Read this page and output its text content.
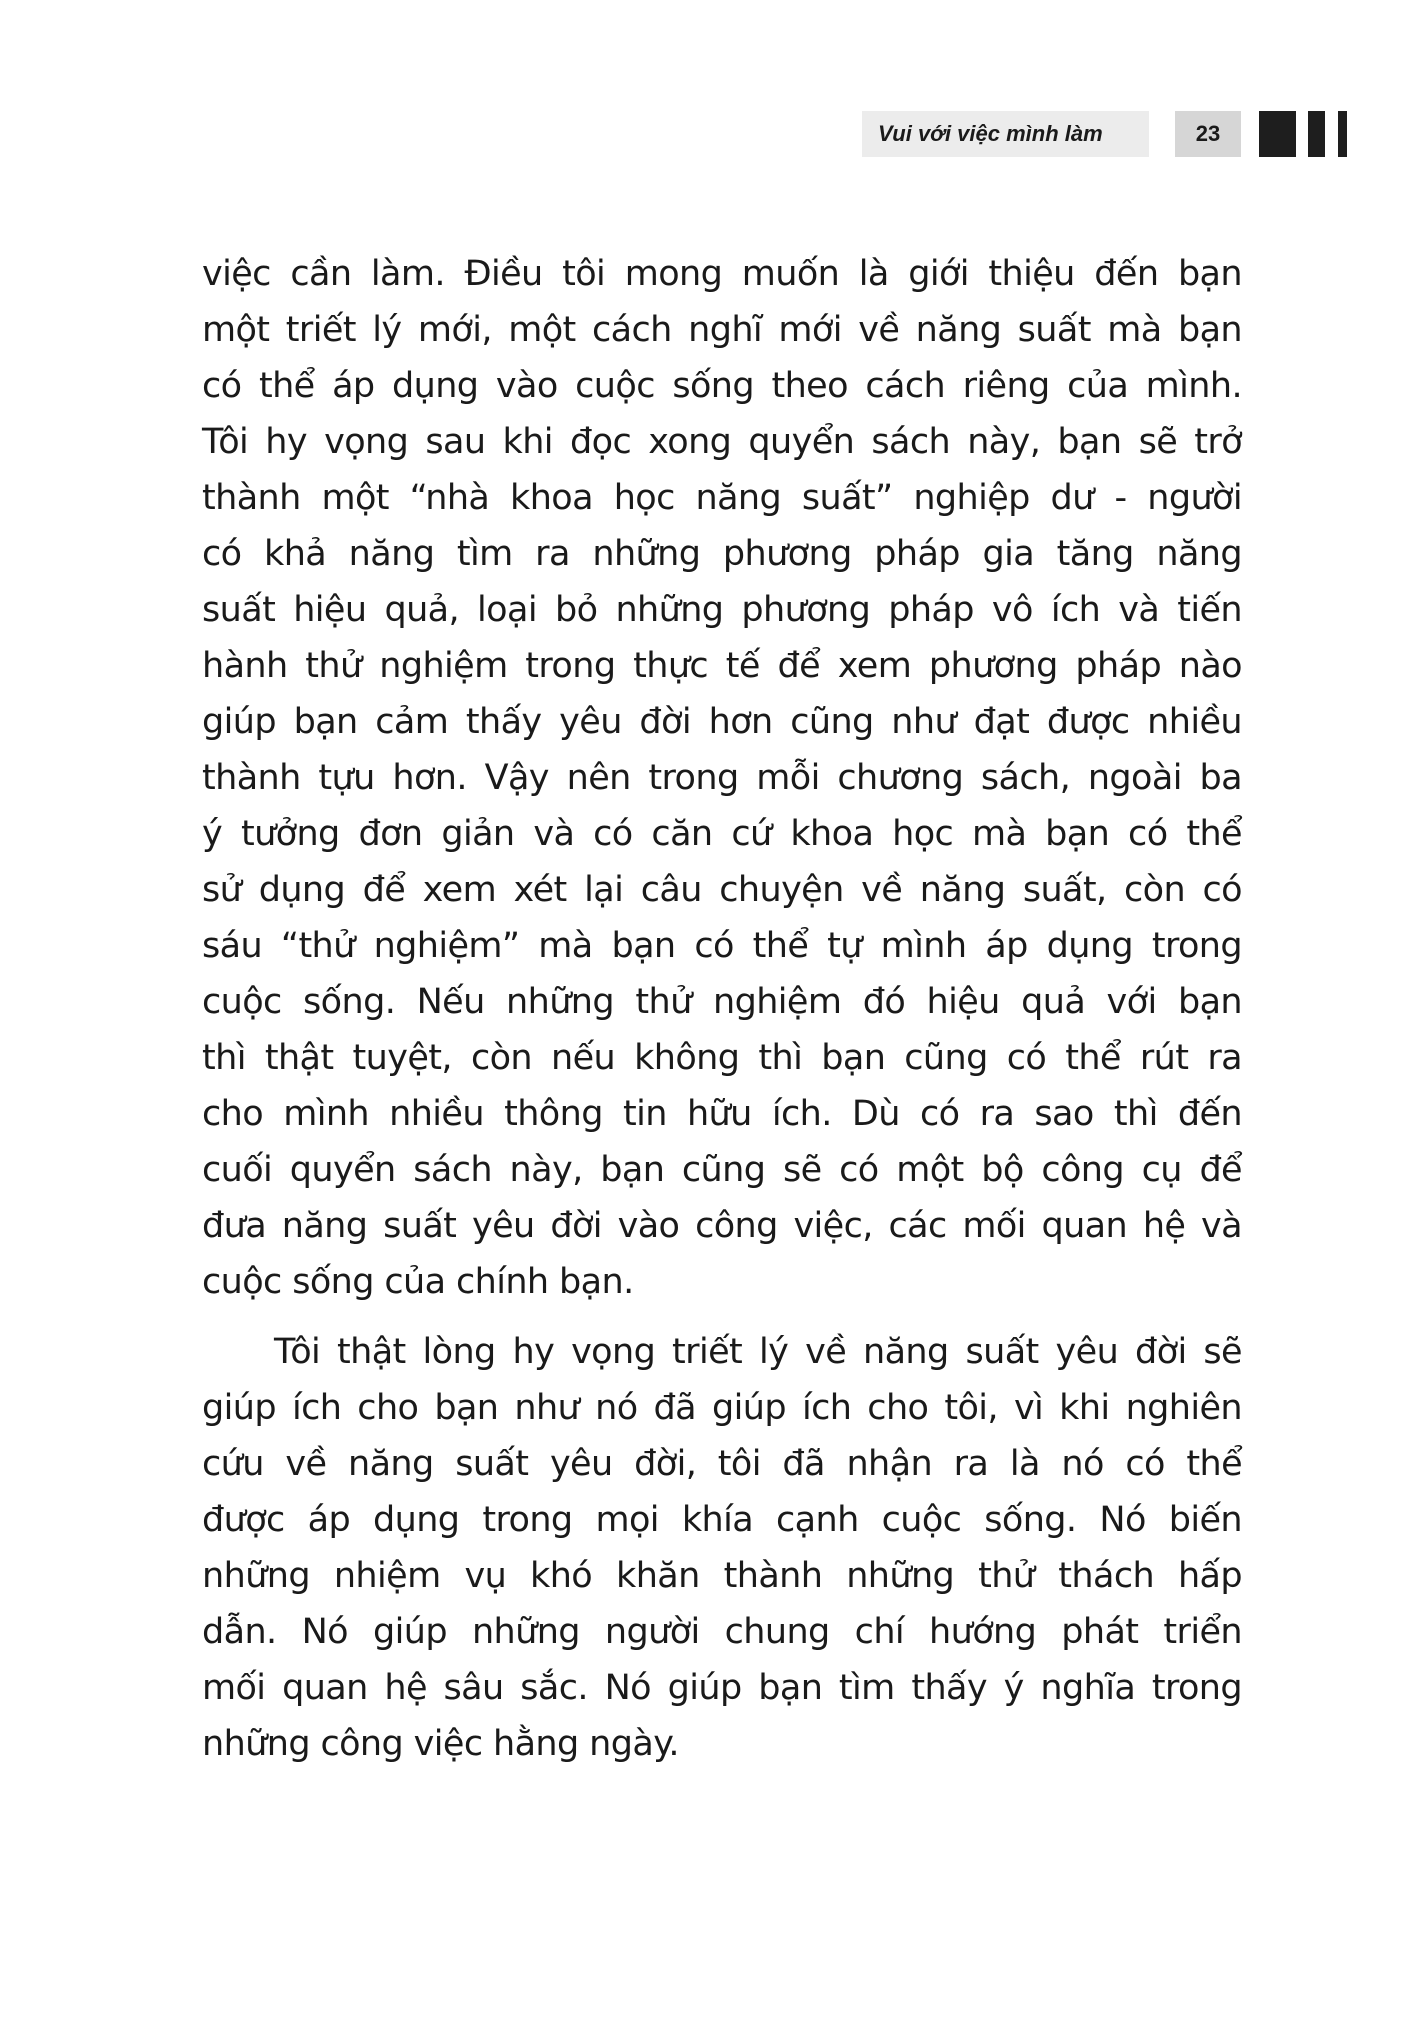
Vui với việc mình làm	23

việc cần làm. Điều tôi mong muốn là giới thiệu đến bạn
một triết lý mới, một cách nghĩ mới về năng suất mà bạn
có thể áp dụng vào cuộc sống theo cách riêng của mình.
Tôi hy vọng sau khi đọc xong quyển sách này, bạn sẽ trở
thành một “nhà khoa học năng suất” nghiệp dư - người
có khả năng tìm ra những phương pháp gia tăng năng
suất hiệu quả, loại bỏ những phương pháp vô ích và tiến
hành thử nghiệm trong thực tế để xem phương pháp nào
giúp bạn cảm thấy yêu đời hơn cũng như đạt được nhiều
thành tựu hơn. Vậy nên trong mỗi chương sách, ngoài ba
ý tưởng đơn giản và có căn cứ khoa học mà bạn có thể
sử dụng để xem xét lại câu chuyện về năng suất, còn có
sáu “thử nghiệm” mà bạn có thể tự mình áp dụng trong
cuộc sống. Nếu những thử nghiệm đó hiệu quả với bạn
thì thật tuyệt, còn nếu không thì bạn cũng có thể rút ra
cho mình nhiều thông tin hữu ích. Dù có ra sao thì đến
cuối quyển sách này, bạn cũng sẽ có một bộ công cụ để
đưa năng suất yêu đời vào công việc, các mối quan hệ và
cuộc sống của chính bạn.

Tôi thật lòng hy vọng triết lý về năng suất yêu đời sẽ
giúp ích cho bạn như nó đã giúp ích cho tôi, vì khi nghiên
cứu về năng suất yêu đời, tôi đã nhận ra là nó có thể
được áp dụng trong mọi khía cạnh cuộc sống. Nó biến
những nhiệm vụ khó khăn thành những thử thách hấp
dẫn. Nó giúp những người chung chí hướng phát triển
mối quan hệ sâu sắc. Nó giúp bạn tìm thấy ý nghĩa trong
những công việc hằng ngày.
